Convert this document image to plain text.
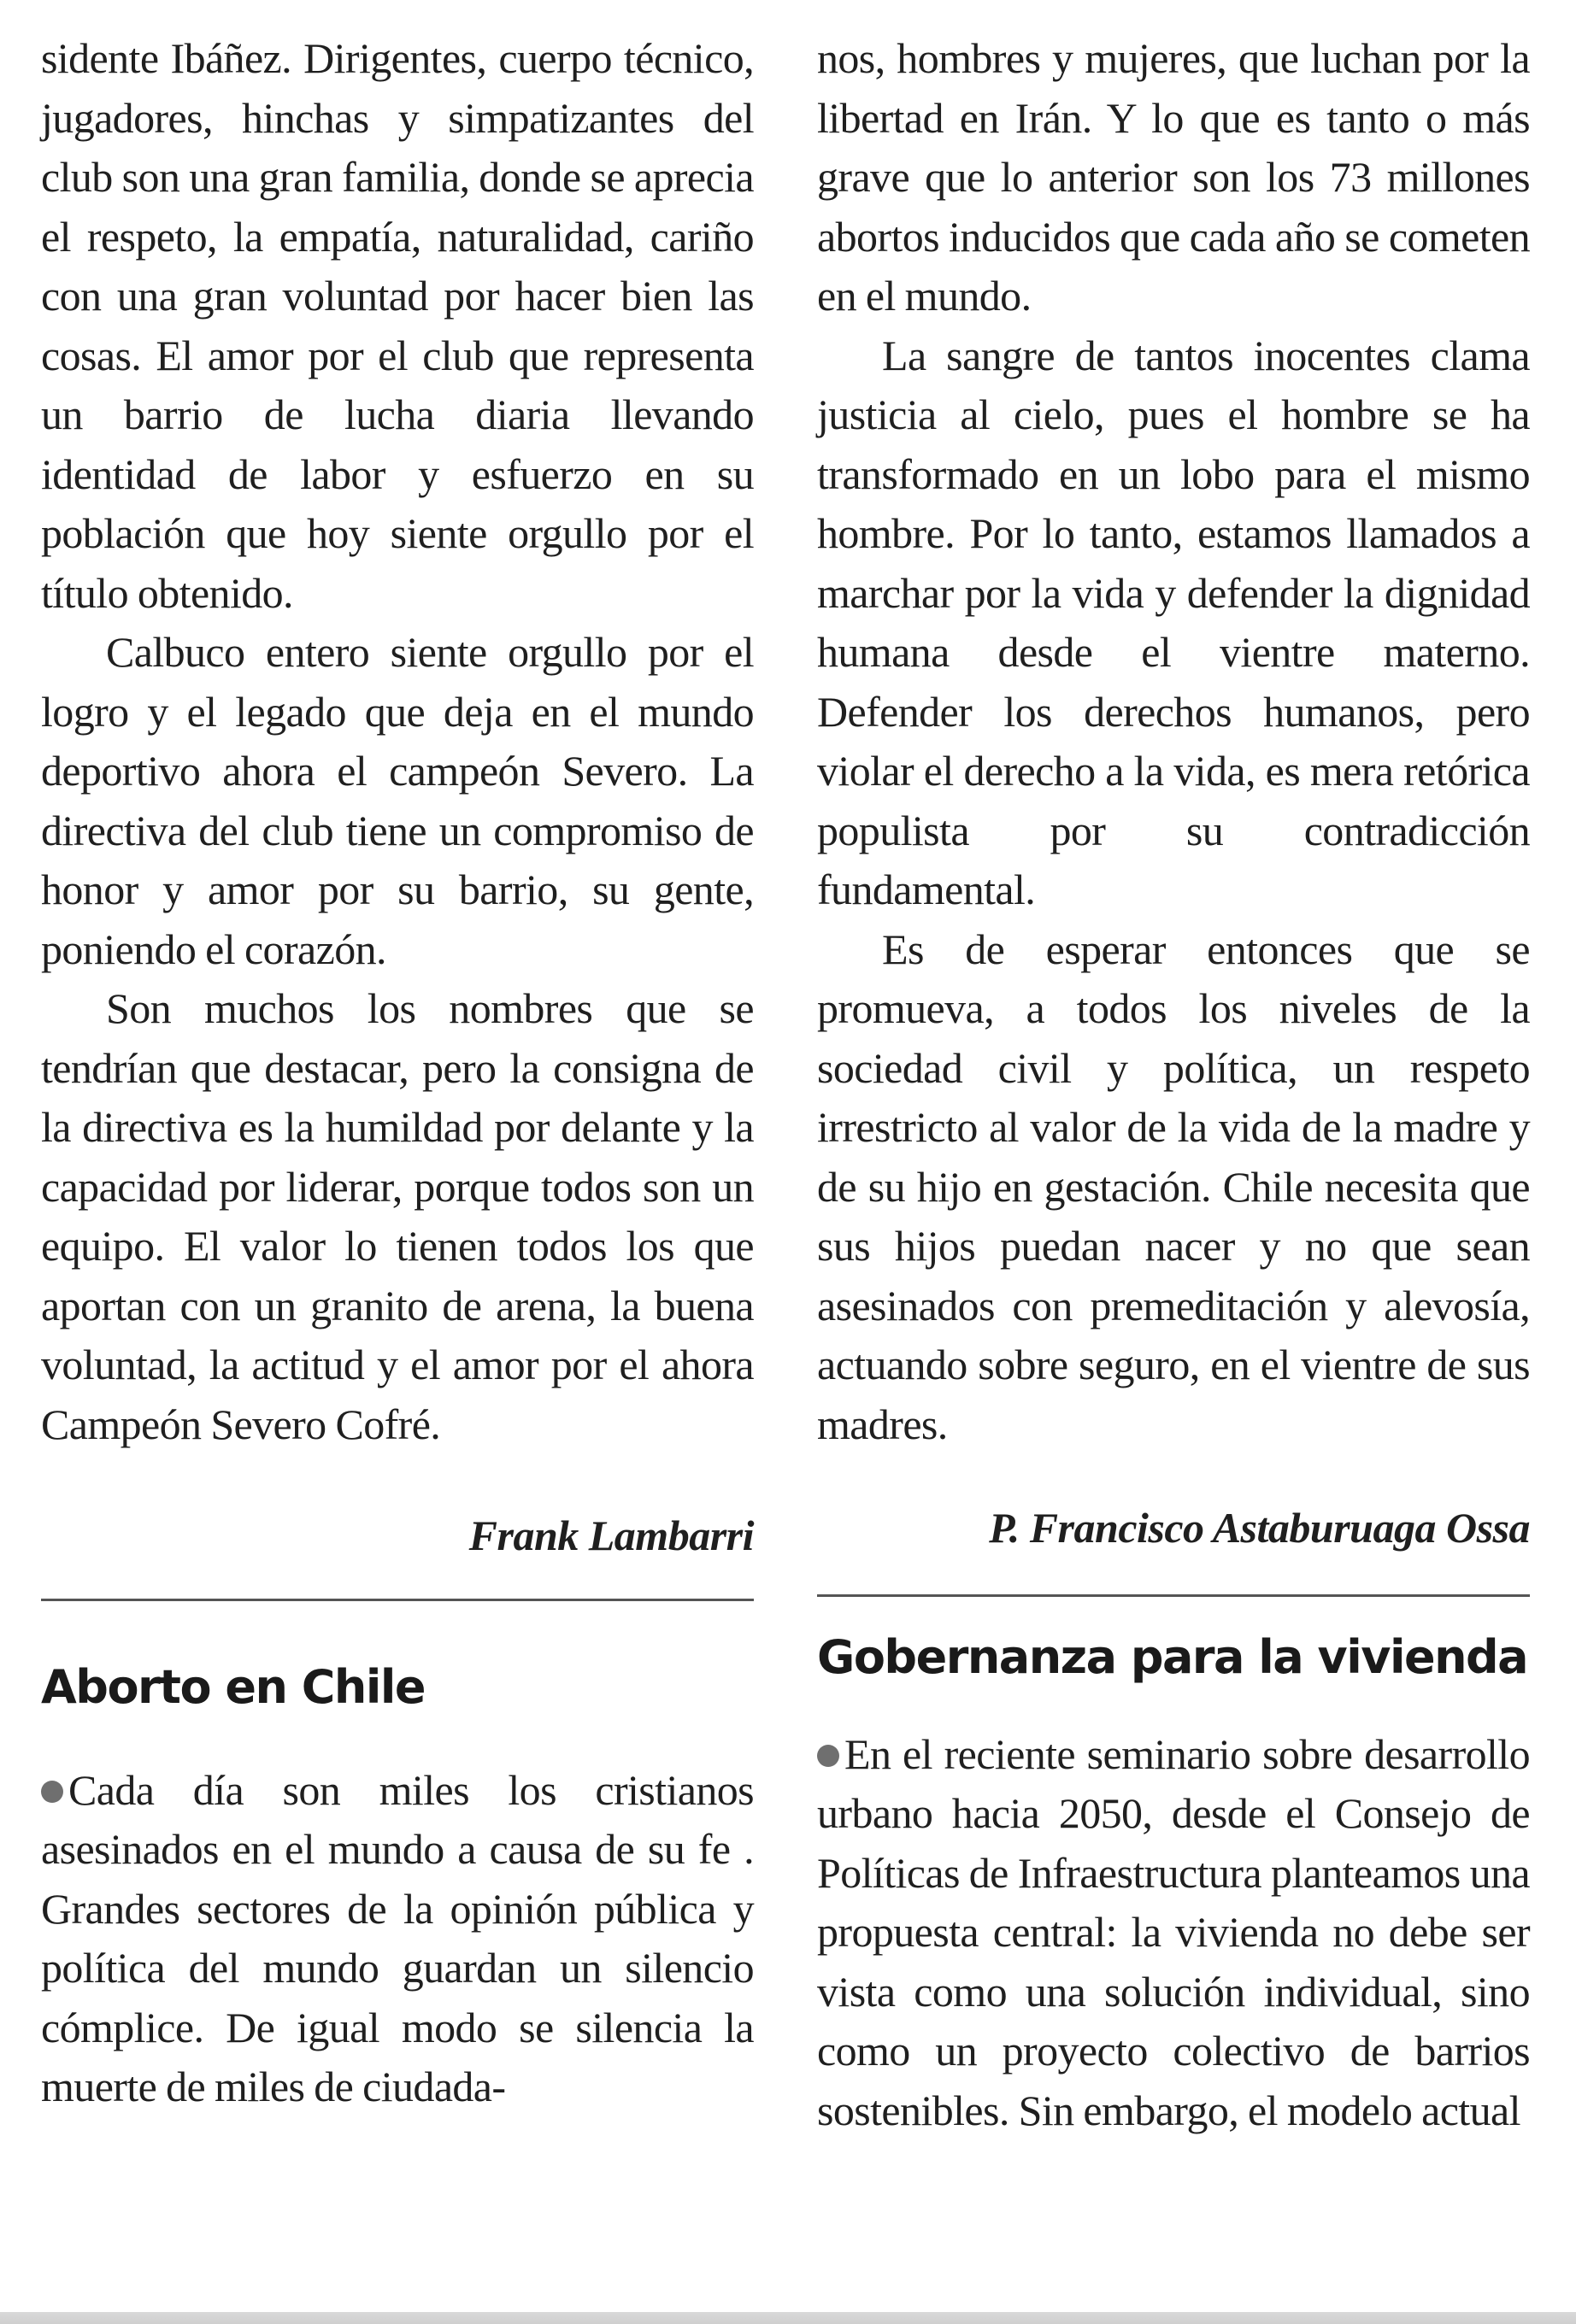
sidente Ibáñez. Dirigentes, cuerpo técnico, jugadores, hinchas y simpatizantes del club son una gran familia, donde se aprecia el respeto, la empatía, naturalidad, cariño con una gran voluntad por hacer bien las cosas. El amor por el club que representa un barrio de lucha diaria llevando identidad de labor y esfuerzo en su población que hoy siente orgullo por el título obtenido.

Calbuco entero siente orgullo por el logro y el legado que deja en el mundo deportivo ahora el campeón Severo. La directiva del club tiene un compromiso de honor y amor por su barrio, su gente, poniendo el corazón.

Son muchos los nombres que se tendrían que destacar, pero la consigna de la directiva es la humildad por delante y la capacidad por liderar, porque todos son un equipo. El valor lo tienen todos los que aportan con un granito de arena, la buena voluntad, la actitud y el amor por el ahora Campeón Severo Cofré.

Frank Lambarri
Aborto en Chile

Cada día son miles los cristianos asesinados en el mundo a causa de su fe . Grandes sectores de la opinión pública y política del mundo guardan un silencio cómplice. De igual modo se silencia la muerte de miles de ciudada-

nos, hombres y mujeres, que luchan por la libertad en Irán. Y lo que es tanto o más grave que lo anterior son los 73 millones abortos inducidos que cada año se cometen en el mundo.

La sangre de tantos inocentes clama justicia al cielo, pues el hombre se ha transformado en un lobo para el mismo hombre. Por lo tanto, estamos llamados a marchar por la vida y defender la dignidad humana desde el vientre materno. Defender los derechos humanos, pero violar el derecho a la vida, es mera retórica populista por su contradicción fundamental.

Es de esperar entonces que se promueva, a todos los niveles de la sociedad civil y política, un respeto irrestricto al valor de la vida de la madre y de su hijo en gestación. Chile necesita que sus hijos puedan nacer y no que sean asesinados con premeditación y alevosía, actuando sobre seguro, en el vientre de sus madres.

P. Francisco Astaburuaga Ossa
Gobernanza para la vivienda

En el reciente seminario sobre desarrollo urbano hacia 2050, desde el Consejo de Políticas de Infraestructura planteamos una propuesta central: la vivienda no debe ser vista como una solución individual, sino como un proyecto colectivo de barrios sostenibles. Sin embargo, el modelo actual
